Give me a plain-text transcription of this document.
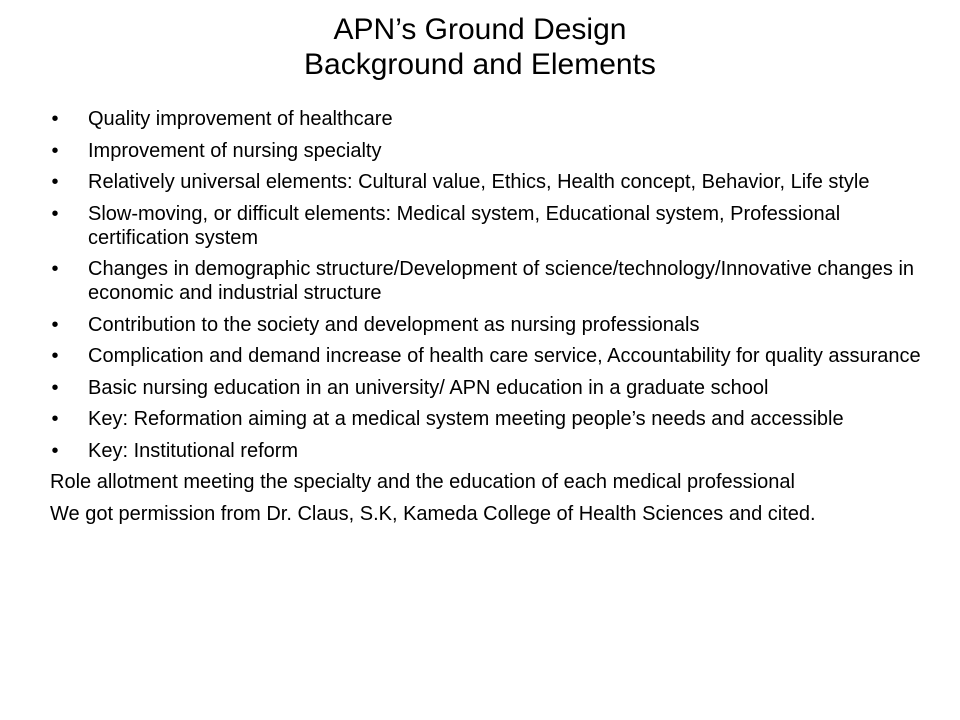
APN’s Ground Design
Background and Elements
• Quality improvement of healthcare
• Improvement of nursing specialty
• Relatively universal elements: Cultural value, Ethics, Health concept, Behavior, Life style
• Slow-moving, or difficult elements: Medical system, Educational system, Professional certification system
• Changes in demographic structure/Development of science/technology/Innovative changes in economic and industrial structure
• Contribution to the society and development as nursing professionals
• Complication and demand increase of health care service, Accountability for quality assurance
• Basic nursing education in an university/ APN education in a graduate school
• Key: Reformation aiming at a medical system meeting people’s needs and accessible
• Key: Institutional reform

Role allotment meeting the specialty and the education of each medical professional

We got permission from Dr. Claus, S.K, Kameda College of Health Sciences and cited.
